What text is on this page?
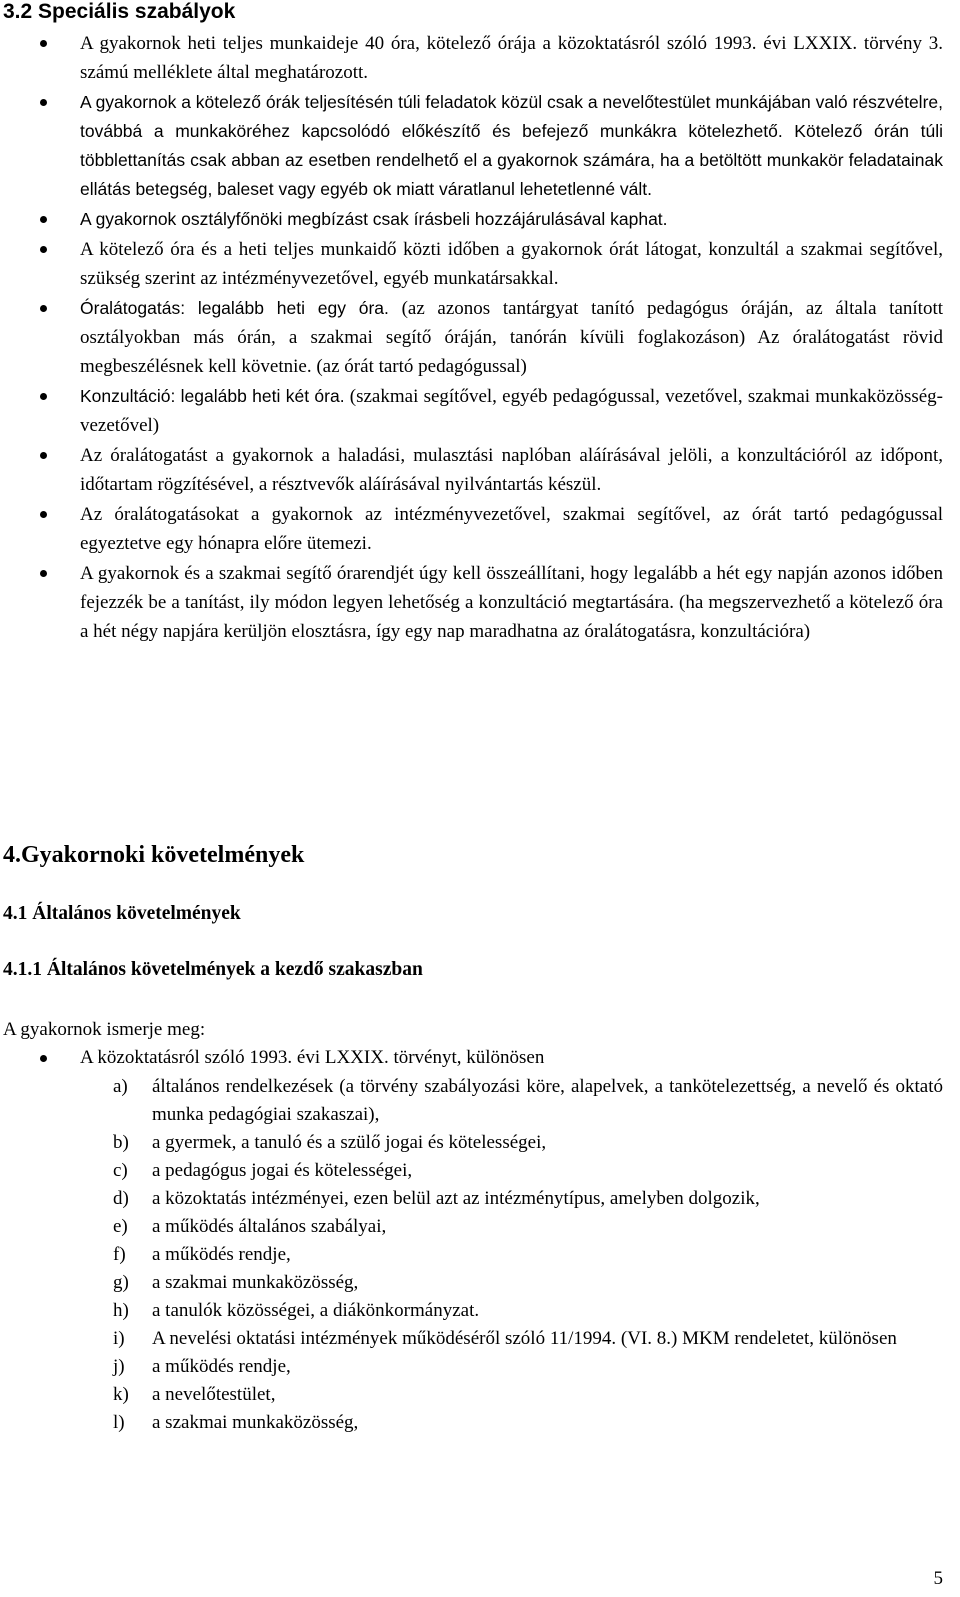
3.2 Speciális szabályok
A gyakornok heti teljes munkaideje 40 óra, kötelező órája a közoktatásról szóló 1993. évi LXXIX. törvény 3. számú melléklete által meghatározott.
A gyakornok a kötelező órák teljesítésén túli feladatok közül csak a nevelőtestület munkájában való részvételre, továbbá a munkaköréhez kapcsolódó előkészítő és befejező munkákra kötelezhető. Kötelező órán túli többlettanítás csak abban az esetben rendelhető el a gyakornok számára, ha a betöltött munkakör feladatainak ellátás betegség, baleset vagy egyéb ok miatt váratlanul lehetetlenné vált.
A gyakornok osztályfőnöki megbízást csak írásbeli hozzájárulásával kaphat.
A kötelező óra és a heti teljes munkaidő közti időben a gyakornok órát látogat, konzultál a szakmai segítővel, szükség szerint az intézményvezetővel, egyéb munkatársakkal.
Óralátogatás: legalább heti egy óra. (az azonos tantárgyat tanító pedagógus óráján, az általa tanított osztályokban más órán, a szakmai segítő óráján, tanórán kívüli foglakozáson) Az óralátogatást rövid megbeszélésnek kell követnie. (az órát tartó pedagógussal)
Konzultáció: legalább heti két óra. (szakmai segítővel, egyéb pedagógussal, vezetővel, szakmai munkaközösség-vezetővel)
Az óralátogatást a gyakornok a haladási, mulasztási naplóban aláírásával jelöli, a konzultációról az időpont, időtartam rögzítésével, a résztvevők aláírásával nyilvántartás készül.
Az óralátogatásokat a gyakornok az intézményvezetővel, szakmai segítővel, az órát tartó pedagógussal egyeztetve egy hónapra előre ütemezi.
A gyakornok és a szakmai segítő órarendjét úgy kell összeállítani, hogy legalább a hét egy napján azonos időben fejezzék be a tanítást, ily módon legyen lehetőség a konzultáció megtartására. (ha megszervezhető a kötelező óra a hét négy napjára kerüljön elosztásra, így egy nap maradhatna az óralátogatásra, konzultációra)
4.Gyakornoki követelmények
4.1 Általános követelmények
4.1.1 Általános követelmények a kezdő szakaszban

A gyakornok ismerje meg:

A közoktatásról szóló 1993. évi LXXIX. törvényt, különösen
a)	általános rendelkezések (a törvény szabályozási köre, alapelvek, a tankötelezettség, a nevelő és oktató munka pedagógiai szakaszai),
b)	a gyermek, a tanuló és a szülő jogai és kötelességei,
c)	a pedagógus jogai és kötelességei,
d)	a közoktatás intézményei, ezen belül azt az intézménytípus, amelyben dolgozik,
e)	a működés általános szabályai,
f)	a működés rendje,
g)	a szakmai munkaközösség,
h)	a tanulók közösségei, a diákönkormányzat.
i)	A nevelési oktatási intézmények működéséről szóló 11/1994. (VI. 8.) MKM rendeletet, különösen
j)	a működés rendje,
k)	a nevelőtestület,
l)	a szakmai munkaközösség,
5
